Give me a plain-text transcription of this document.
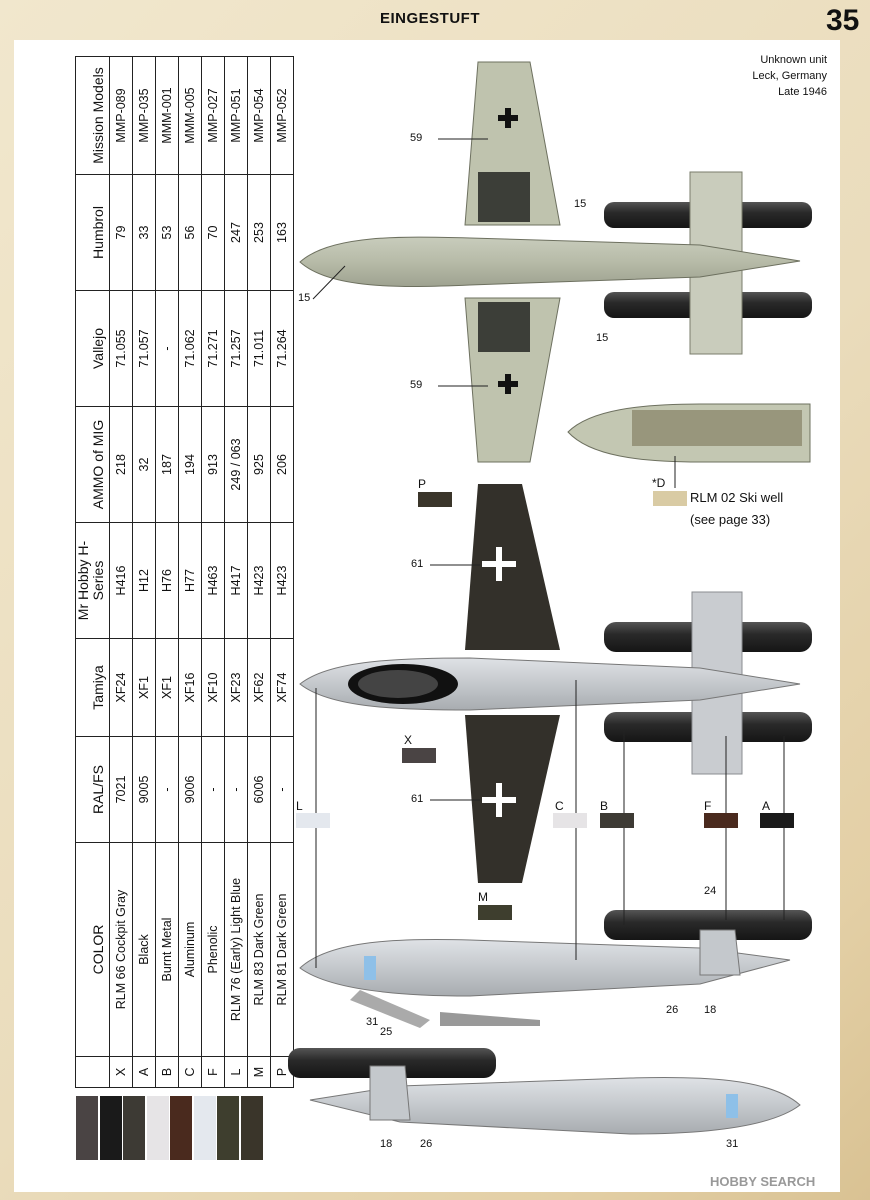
EINGESTUFT	35
Unknown unit
Leck, Germany
Late 1946
	COLOR	RAL/FS	Tamiya	Mr Hobby H-Series	AMMO of MIG	Vallejo	Humbrol	Mission Models
X	RLM 66 Cockpit Gray	7021	XF24	H416	218	71.055	79	MMP-089
A	Black	9005	XF1	H12	32	71.057	33	MMP-035
B	Burnt Metal	-	XF1	H76	187	-	53	MMM-001
C	Aluminum	9006	XF16	H77	194	71.062	56	MMM-005
F	Phenolic	-	XF10	H463	913	71.271	70	MMP-027
L	RLM 76 (Early) Light Blue	-	XF23	H417	249 / 063	71.257	247	MMP-051
M	RLM 83 Dark Green	6006	XF62	H423	925	71.011	253	MMP-054
P	RLM 81 Dark Green	-	XF74	H423	206	71.264	163	MMP-052
P	*D
RLM 02 Ski well
(see page 33)
X
L	C	B	F	A
M
59
15
15
15
59
61
61
24
31
26 18
25
18	26	31
HOBBY SEARCH
